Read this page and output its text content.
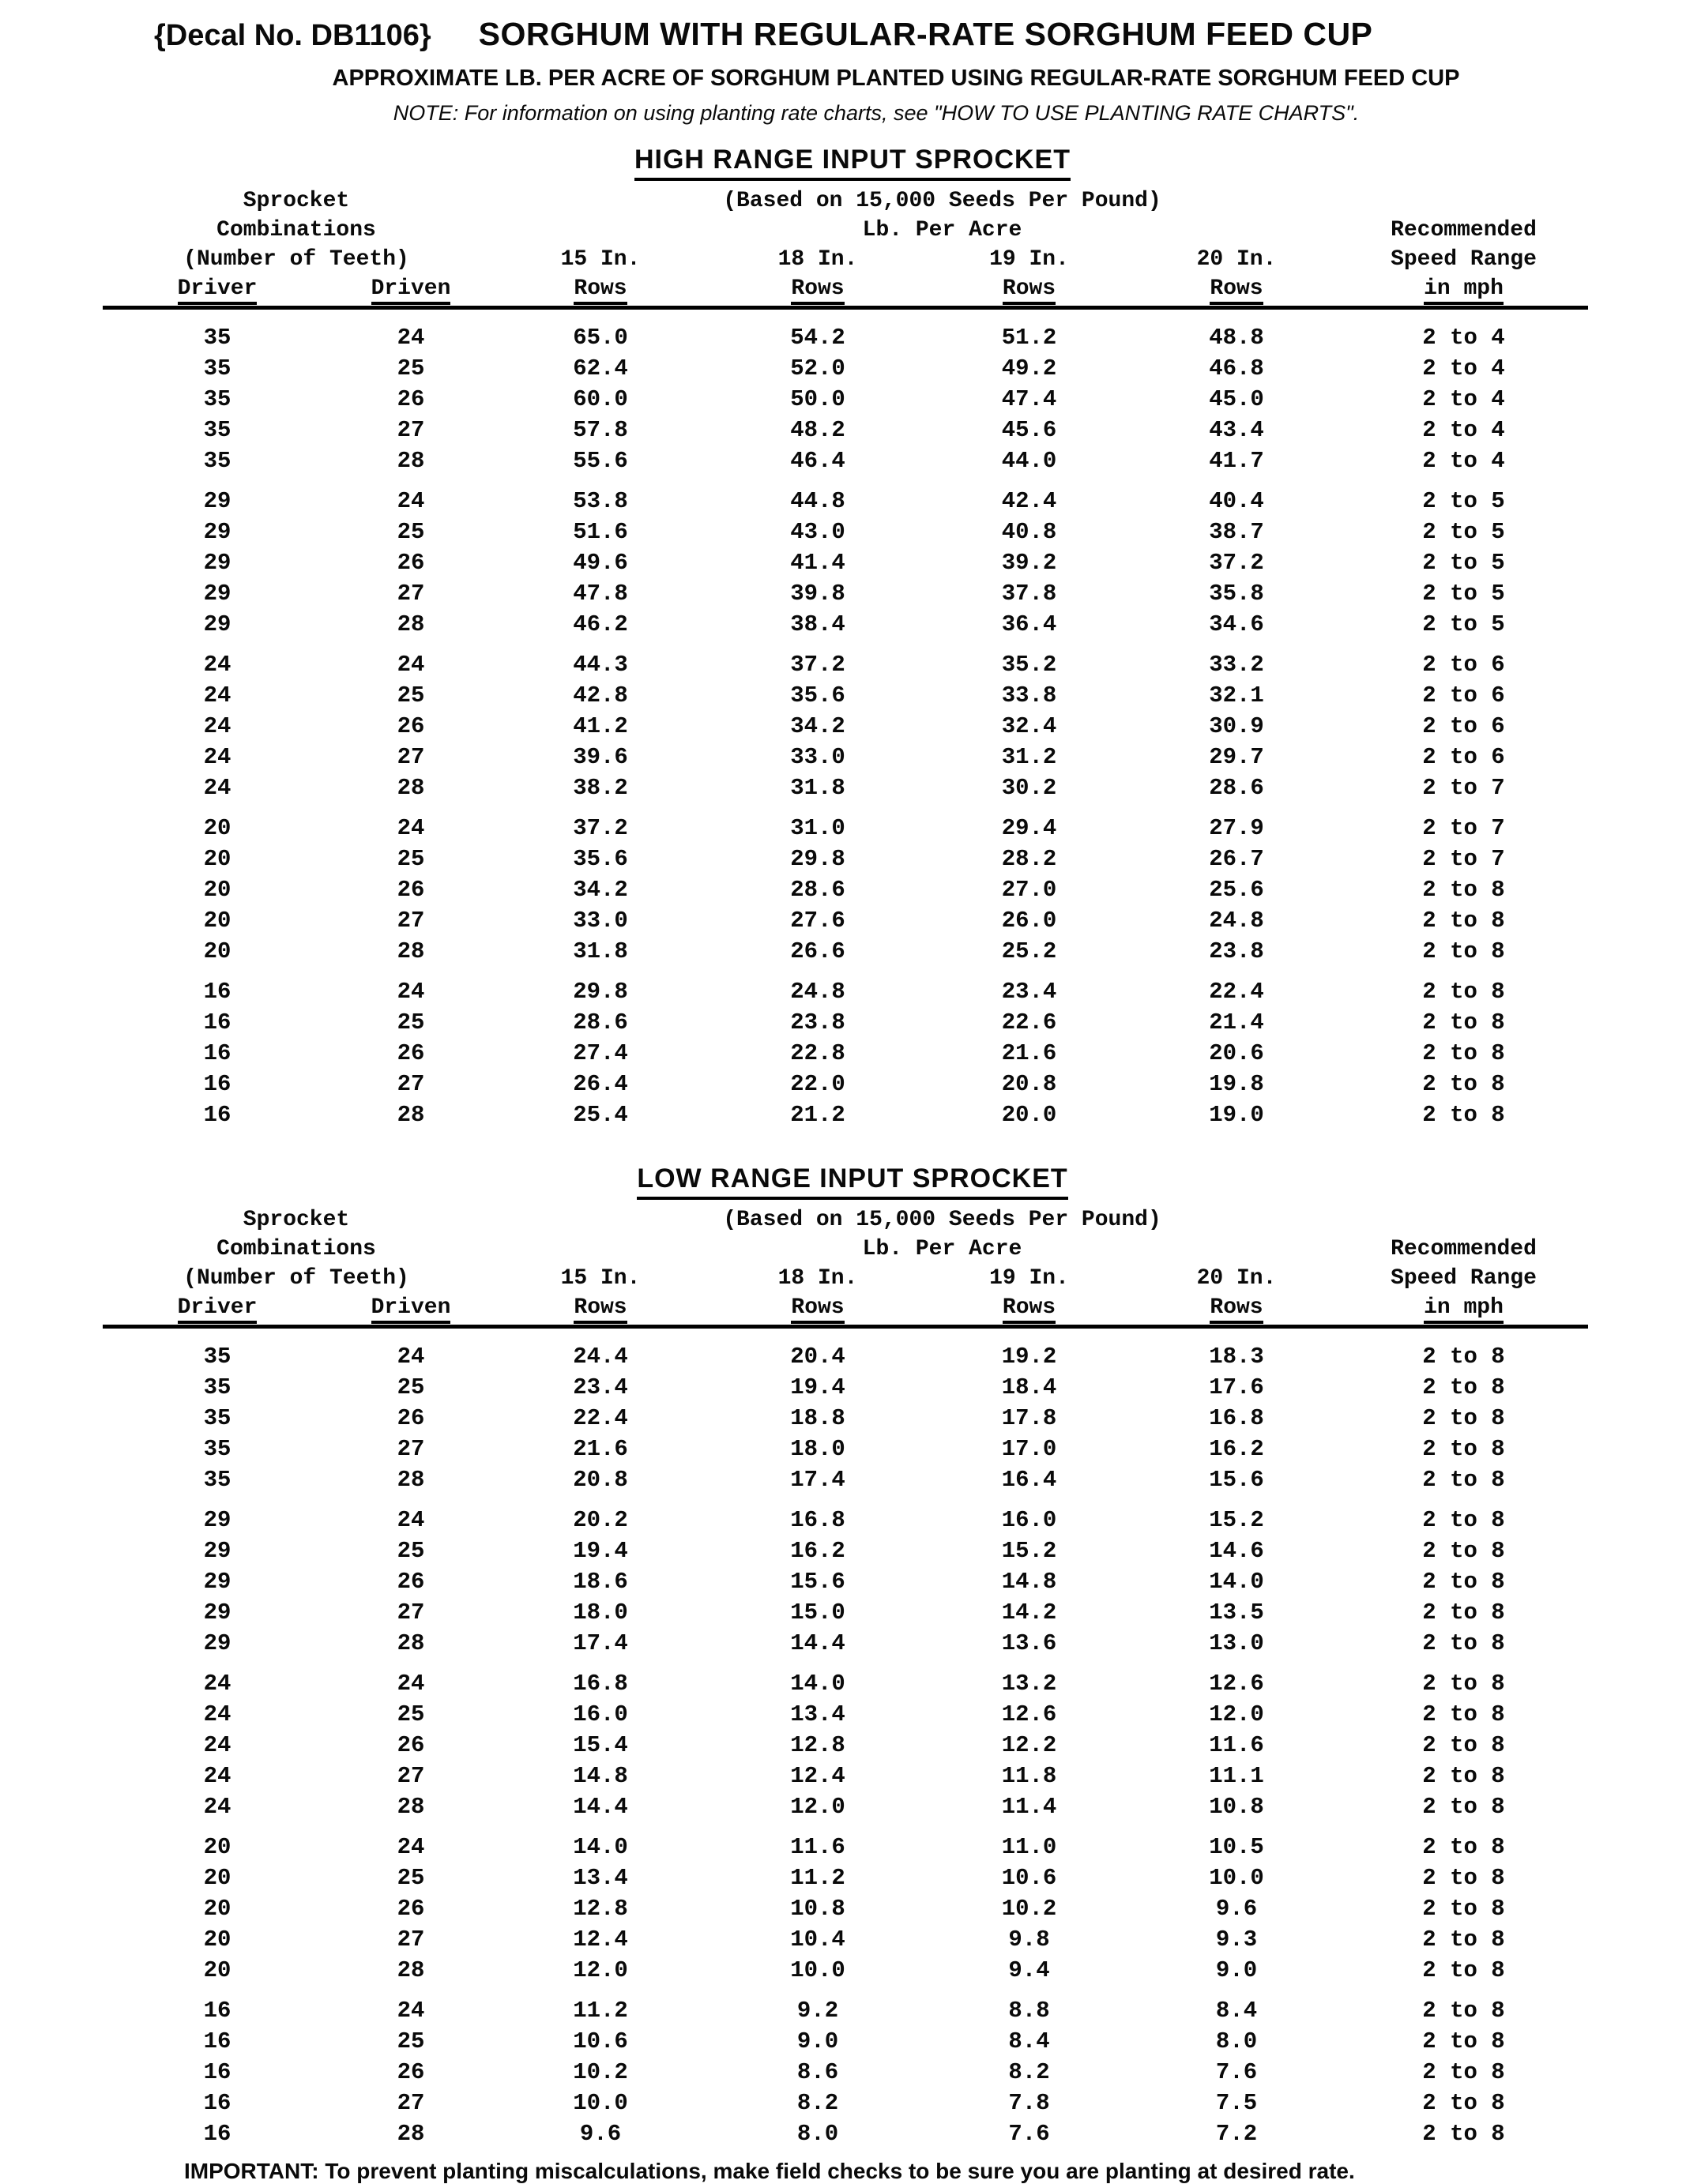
{Decal No. DB1106} SORGHUM WITH REGULAR-RATE SORGHUM FEED CUP
APPROXIMATE LB. PER ACRE OF SORGHUM PLANTED USING REGULAR-RATE SORGHUM FEED CUP
NOTE: For information on using planting rate charts, see "HOW TO USE PLANTING RATE CHARTS".
HIGH RANGE INPUT SPROCKET
Sprocket	(Based on 15,000 Seeds Per Pound)
Combinations	Lb. Per Acre	Recommended
(Number of Teeth)	15 In.	18 In.	19 In.	20 In.	Speed Range
Driver	Driven	Rows	Rows	Rows	Rows	in mph
35	24	65.0	54.2	51.2	48.8	2 to 4
35	25	62.4	52.0	49.2	46.8	2 to 4
35	26	60.0	50.0	47.4	45.0	2 to 4
35	27	57.8	48.2	45.6	43.4	2 to 4
35	28	55.6	46.4	44.0	41.7	2 to 4
29	24	53.8	44.8	42.4	40.4	2 to 5
29	25	51.6	43.0	40.8	38.7	2 to 5
29	26	49.6	41.4	39.2	37.2	2 to 5
29	27	47.8	39.8	37.8	35.8	2 to 5
29	28	46.2	38.4	36.4	34.6	2 to 5
24	24	44.3	37.2	35.2	33.2	2 to 6
24	25	42.8	35.6	33.8	32.1	2 to 6
24	26	41.2	34.2	32.4	30.9	2 to 6
24	27	39.6	33.0	31.2	29.7	2 to 6
24	28	38.2	31.8	30.2	28.6	2 to 7
20	24	37.2	31.0	29.4	27.9	2 to 7
20	25	35.6	29.8	28.2	26.7	2 to 7
20	26	34.2	28.6	27.0	25.6	2 to 8
20	27	33.0	27.6	26.0	24.8	2 to 8
20	28	31.8	26.6	25.2	23.8	2 to 8
16	24	29.8	24.8	23.4	22.4	2 to 8
16	25	28.6	23.8	22.6	21.4	2 to 8
16	26	27.4	22.8	21.6	20.6	2 to 8
16	27	26.4	22.0	20.8	19.8	2 to 8
16	28	25.4	21.2	20.0	19.0	2 to 8
LOW RANGE INPUT SPROCKET
Sprocket	(Based on 15,000 Seeds Per Pound)
Combinations	Lb. Per Acre	Recommended
(Number of Teeth)	15 In.	18 In.	19 In.	20 In.	Speed Range
Driver	Driven	Rows	Rows	Rows	Rows	in mph
35	24	24.4	20.4	19.2	18.3	2 to 8
35	25	23.4	19.4	18.4	17.6	2 to 8
35	26	22.4	18.8	17.8	16.8	2 to 8
35	27	21.6	18.0	17.0	16.2	2 to 8
35	28	20.8	17.4	16.4	15.6	2 to 8
29	24	20.2	16.8	16.0	15.2	2 to 8
29	25	19.4	16.2	15.2	14.6	2 to 8
29	26	18.6	15.6	14.8	14.0	2 to 8
29	27	18.0	15.0	14.2	13.5	2 to 8
29	28	17.4	14.4	13.6	13.0	2 to 8
24	24	16.8	14.0	13.2	12.6	2 to 8
24	25	16.0	13.4	12.6	12.0	2 to 8
24	26	15.4	12.8	12.2	11.6	2 to 8
24	27	14.8	12.4	11.8	11.1	2 to 8
24	28	14.4	12.0	11.4	10.8	2 to 8
20	24	14.0	11.6	11.0	10.5	2 to 8
20	25	13.4	11.2	10.6	10.0	2 to 8
20	26	12.8	10.8	10.2	9.6	2 to 8
20	27	12.4	10.4	9.8	9.3	2 to 8
20	28	12.0	10.0	9.4	9.0	2 to 8
16	24	11.2	9.2	8.8	8.4	2 to 8
16	25	10.6	9.0	8.4	8.0	2 to 8
16	26	10.2	8.6	8.2	7.6	2 to 8
16	27	10.0	8.2	7.8	7.5	2 to 8
16	28	9.6	8.0	7.6	7.2	2 to 8
IMPORTANT: To prevent planting miscalculations, make field checks to be sure you are planting at desired rate.
